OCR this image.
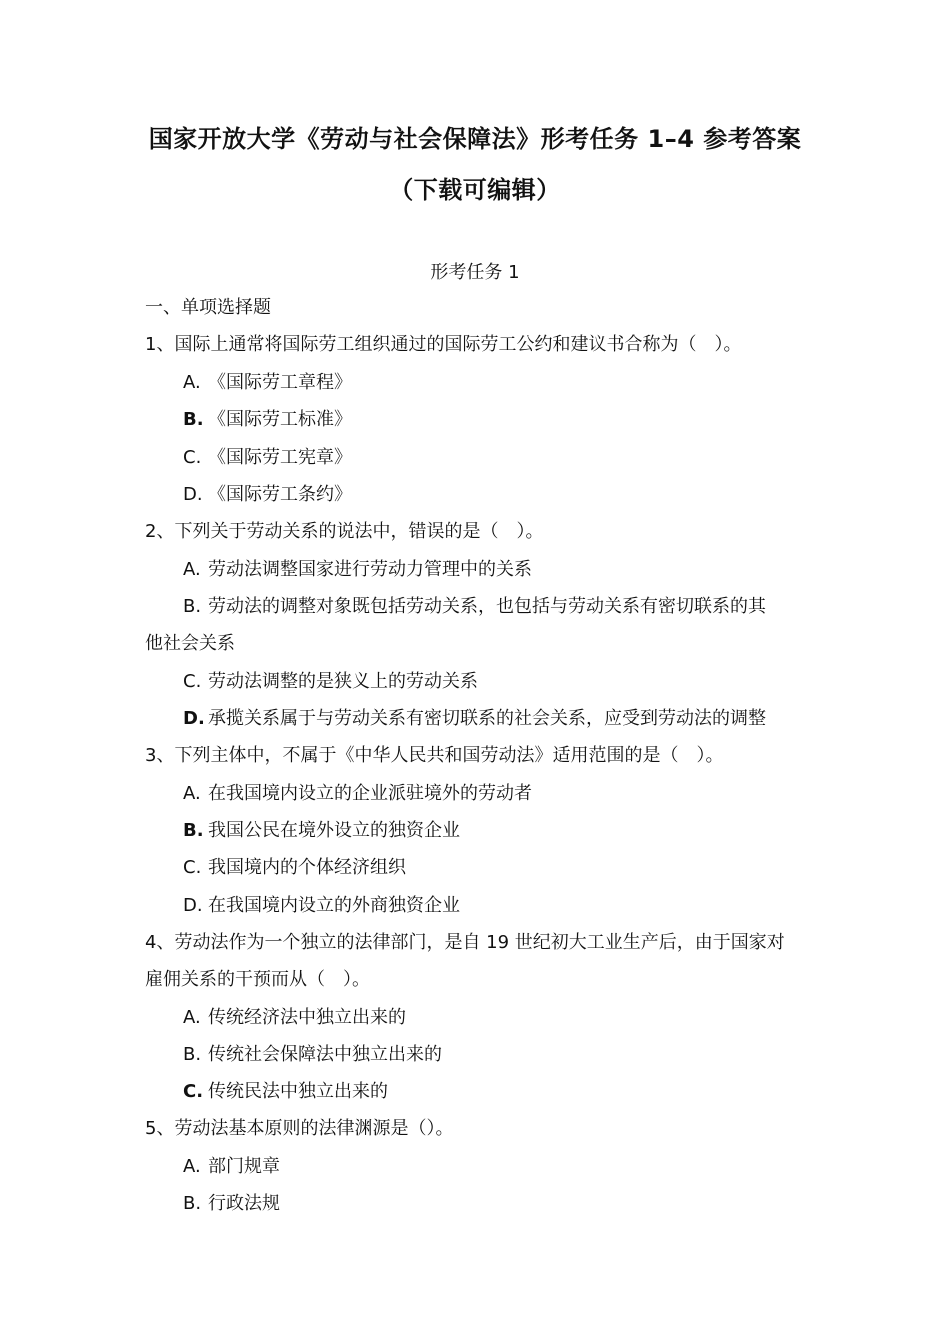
国家开放大学《劳动与社会保障法》形考任务 1–4 参考答案
（下载可编辑）
形考任务 1
一、单项选择题
1、国际上通常将国际劳工组织通过的国际劳工公约和建议书合称为（　）。
A. 《国际劳工章程》
B. 《国际劳工标准》
C. 《国际劳工宪章》
D. 《国际劳工条约》
2、下列关于劳动关系的说法中，错误的是（　）。
A. 劳动法调整国家进行劳动力管理中的关系
B. 劳动法的调整对象既包括劳动关系，也包括与劳动关系有密切联系的其
他社会关系
C. 劳动法调整的是狭义上的劳动关系
D. 承揽关系属于与劳动关系有密切联系的社会关系，应受到劳动法的调整
3、下列主体中，不属于《中华人民共和国劳动法》适用范围的是（　）。
A. 在我国境内设立的企业派驻境外的劳动者
B. 我国公民在境外设立的独资企业
C. 我国境内的个体经济组织
D. 在我国境内设立的外商独资企业
4、劳动法作为一个独立的法律部门，是自 19 世纪初大工业生产后，由于国家对
雇佣关系的干预而从（　）。
A. 传统经济法中独立出来的
B. 传统社会保障法中独立出来的
C. 传统民法中独立出来的
5、劳动法基本原则的法律渊源是（）。
A. 部门规章
B. 行政法规
